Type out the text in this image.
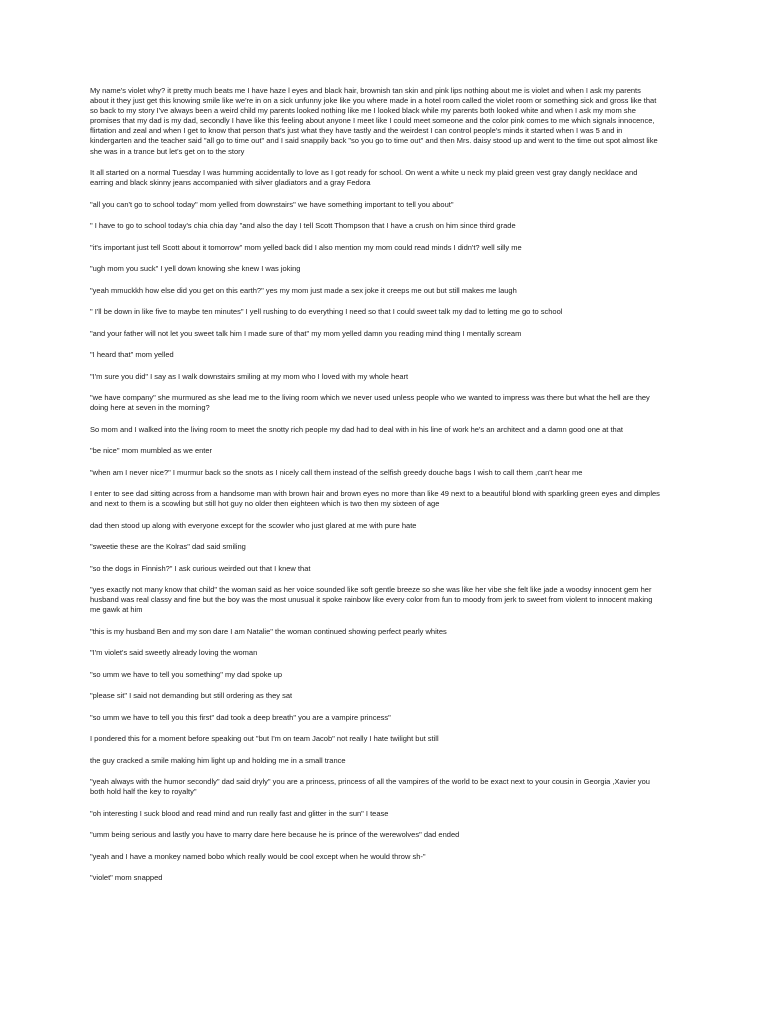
My name's violet why? it pretty much beats me I have haze l eyes and black hair, brownish tan skin and pink lips nothing about me is violet and when I ask my parents about it they just get this knowing smile like we're in on a sick unfunny joke like you where made in a hotel room called the violet room or something sick and gross like that so back to my story I've always been a weird child my parents looked nothing like me I looked black while my parents both looked white and when I ask my mom she promises that my dad is my dad, secondly I have like this feeling about anyone I meet like I could meet someone and the color pink comes to me which signals innocence, flirtation and zeal and when I get to know that person that's just what they have tastly and the weirdest I can control people's minds it started when I was 5 and in kindergarten and the teacher said "all go to time out" and I said snappily back "so you go to time out" and then Mrs. daisy stood up and went to the time out spot almost like she was in a trance but let's get on to the story

It all started on a normal Tuesday I was humming accidentally to love as I got ready for school. On went a white u neck my plaid green vest gray dangly necklace and earring and black skinny jeans accompanied with silver gladiators and a gray Fedora

"all you can't go to school today" mom yelled from downstairs" we have something important to tell you about"

" I have to go to school today's chia chia day "and also the day I tell Scott Thompson that I have a crush on him since third grade

"it's important just tell Scott about it tomorrow" mom yelled back did I also mention my mom could read minds I didn't? well silly me

"ugh mom you suck" I yell down knowing she knew I was joking

"yeah mmuckkh how else did you get on this earth?" yes my mom just made a sex joke it creeps me out but still makes me laugh

" I'll be down in like five to maybe ten minutes" I yell rushing to do everything I need so that I could sweet talk my dad to letting me go to school

"and your father will not let you sweet talk him I made sure of that" my mom yelled damn you reading mind thing I mentally scream

"I heard that" mom yelled

"I'm sure you did" I say as I walk downstairs smiling at my mom who I loved with my whole heart

"we have company" she murmured as she lead me to the living room which we never used unless people who we wanted to impress was there but what the hell are they doing here at seven in the morning?

So mom and I walked into the living room to meet the snotty rich people my dad had to deal with in his line of work he's an architect and a damn good one at that

"be nice" mom mumbled as we enter

"when am I never nice?" I murmur back so the snots as I nicely call them instead of the selfish greedy douche bags I wish to call them ,can't hear me

I enter to see dad sitting across from a handsome man with brown hair and brown eyes no more than like 49 next to a beautiful blond with sparkling green eyes and dimples and next to them is a scowling but still hot guy no older then eighteen which is two then my sixteen of age

dad then stood up along with everyone except for the scowler who just glared at me with pure hate

"sweetie these are the Kolras" dad said smiling

"so the dogs in Finnish?" I ask curious weirded out that I knew that

"yes exactly not many know that child" the woman said as her voice sounded like soft gentle breeze so she was like her vibe she felt like jade a woodsy innocent gem her husband was real classy and fine but the boy was the most unusual it spoke rainbow like every color from fun to moody from jerk to sweet from violent to innocent making me gawk at him

"this is my husband Ben and my son dare I am Natalie" the woman continued showing perfect pearly whites

"I'm violet's said sweetly already loving the woman

"so umm we have to tell you something" my dad spoke up

"please sit" I said not demanding but still ordering as they sat

"so umm we have to tell you this first" dad took a deep breath" you are a vampire princess"

I pondered this for a moment before speaking out "but I'm on team Jacob" not really I hate twilight but still

the guy cracked a smile making him light up and holding me in a small trance

"yeah always with the humor secondly" dad said dryly" you are a princess, princess of all the vampires of the world to be exact next to your cousin in Georgia ,Xavier you both hold half the key to royalty"

"oh interesting I suck blood and read mind and run really fast and glitter in the sun" I tease

"umm being serious and lastly you have to marry dare here because he is prince of the werewolves" dad ended

"yeah and I have a monkey named bobo which really would be cool except when he would throw sh-"

"violet" mom snapped
